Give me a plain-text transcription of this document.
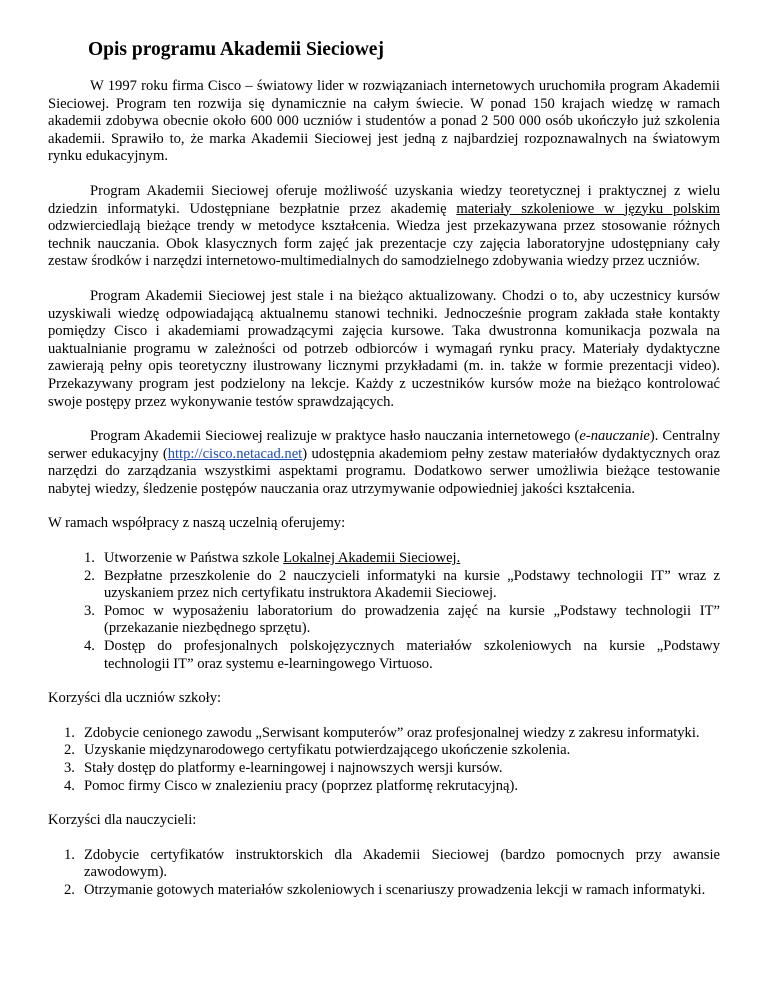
Opis programu Akademii Sieciowej

W 1997 roku firma Cisco – światowy lider w rozwiązaniach internetowych uruchomiła program Akademii Sieciowej. Program ten rozwija się dynamicznie na całym świecie. W ponad 150 krajach wiedzę w ramach akademii zdobywa obecnie około 600 000 uczniów i studentów a ponad 2 500 000 osób ukończyło już szkolenia akademii. Sprawiło to, że marka Akademii Sieciowej jest jedną z najbardziej rozpoznawalnych na światowym rynku edukacyjnym.

Program Akademii Sieciowej oferuje możliwość uzyskania wiedzy teoretycznej i praktycznej z wielu dziedzin informatyki. Udostępniane bezpłatnie przez akademię materiały szkoleniowe w języku polskim odzwierciedlają bieżące trendy w metodyce kształcenia. Wiedza jest przekazywana przez stosowanie różnych technik nauczania. Obok klasycznych form zajęć jak prezentacje czy zajęcia laboratoryjne udostępniany cały zestaw środków i narzędzi internetowo-multimedialnych do samodzielnego zdobywania wiedzy przez uczniów.

Program Akademii Sieciowej jest stale i na bieżąco aktualizowany. Chodzi o to, aby uczestnicy kursów uzyskiwali wiedzę odpowiadającą aktualnemu stanowi techniki. Jednocześnie program zakłada stałe kontakty pomiędzy Cisco i akademiami prowadzącymi zajęcia kursowe. Taka dwustronna komunikacja pozwala na uaktualnianie programu w zależności od potrzeb odbiorców i wymagań rynku pracy. Materiały dydaktyczne zawierają pełny opis teoretyczny ilustrowany licznymi przykładami (m. in. także w formie prezentacji video). Przekazywany program jest podzielony na lekcje. Każdy z uczestników kursów może na bieżąco kontrolować swoje postępy przez wykonywanie testów sprawdzających.

Program Akademii Sieciowej realizuje w praktyce hasło nauczania internetowego (e-nauczanie). Centralny serwer edukacyjny (http://cisco.netacad.net) udostępnia akademiom pełny zestaw materiałów dydaktycznych oraz narzędzi do zarządzania wszystkimi aspektami programu. Dodatkowo serwer umożliwia bieżące testowanie nabytej wiedzy, śledzenie postępów nauczania oraz utrzymywanie odpowiedniej jakości kształcenia.

W ramach współpracy z naszą uczelnią oferujemy:

1. Utworzenie w Państwa szkole Lokalnej Akademii Sieciowej.
2. Bezpłatne przeszkolenie do 2 nauczycieli informatyki na kursie „Podstawy technologii IT” wraz z uzyskaniem przez nich certyfikatu instruktora Akademii Sieciowej.
3. Pomoc w wyposażeniu laboratorium do prowadzenia zajęć na kursie „Podstawy technologii IT” (przekazanie niezbędnego sprzętu).
4. Dostęp do profesjonalnych polskojęzycznych materiałów szkoleniowych na kursie „Podstawy technologii IT” oraz systemu e-learningowego Virtuoso.

Korzyści dla uczniów szkoły:

1. Zdobycie cenionego zawodu „Serwisant komputerów” oraz profesjonalnej wiedzy z zakresu informatyki.
2. Uzyskanie międzynarodowego certyfikatu potwierdzającego ukończenie szkolenia.
3. Stały dostęp do platformy e-learningowej i najnowszych wersji kursów.
4. Pomoc firmy Cisco w znalezieniu pracy (poprzez platformę rekrutacyjną).

Korzyści dla nauczycieli:

1. Zdobycie certyfikatów instruktorskich dla Akademii Sieciowej (bardzo pomocnych przy awansie zawodowym).
2. Otrzymanie gotowych materiałów szkoleniowych i scenariuszy prowadzenia lekcji w ramach informatyki.
